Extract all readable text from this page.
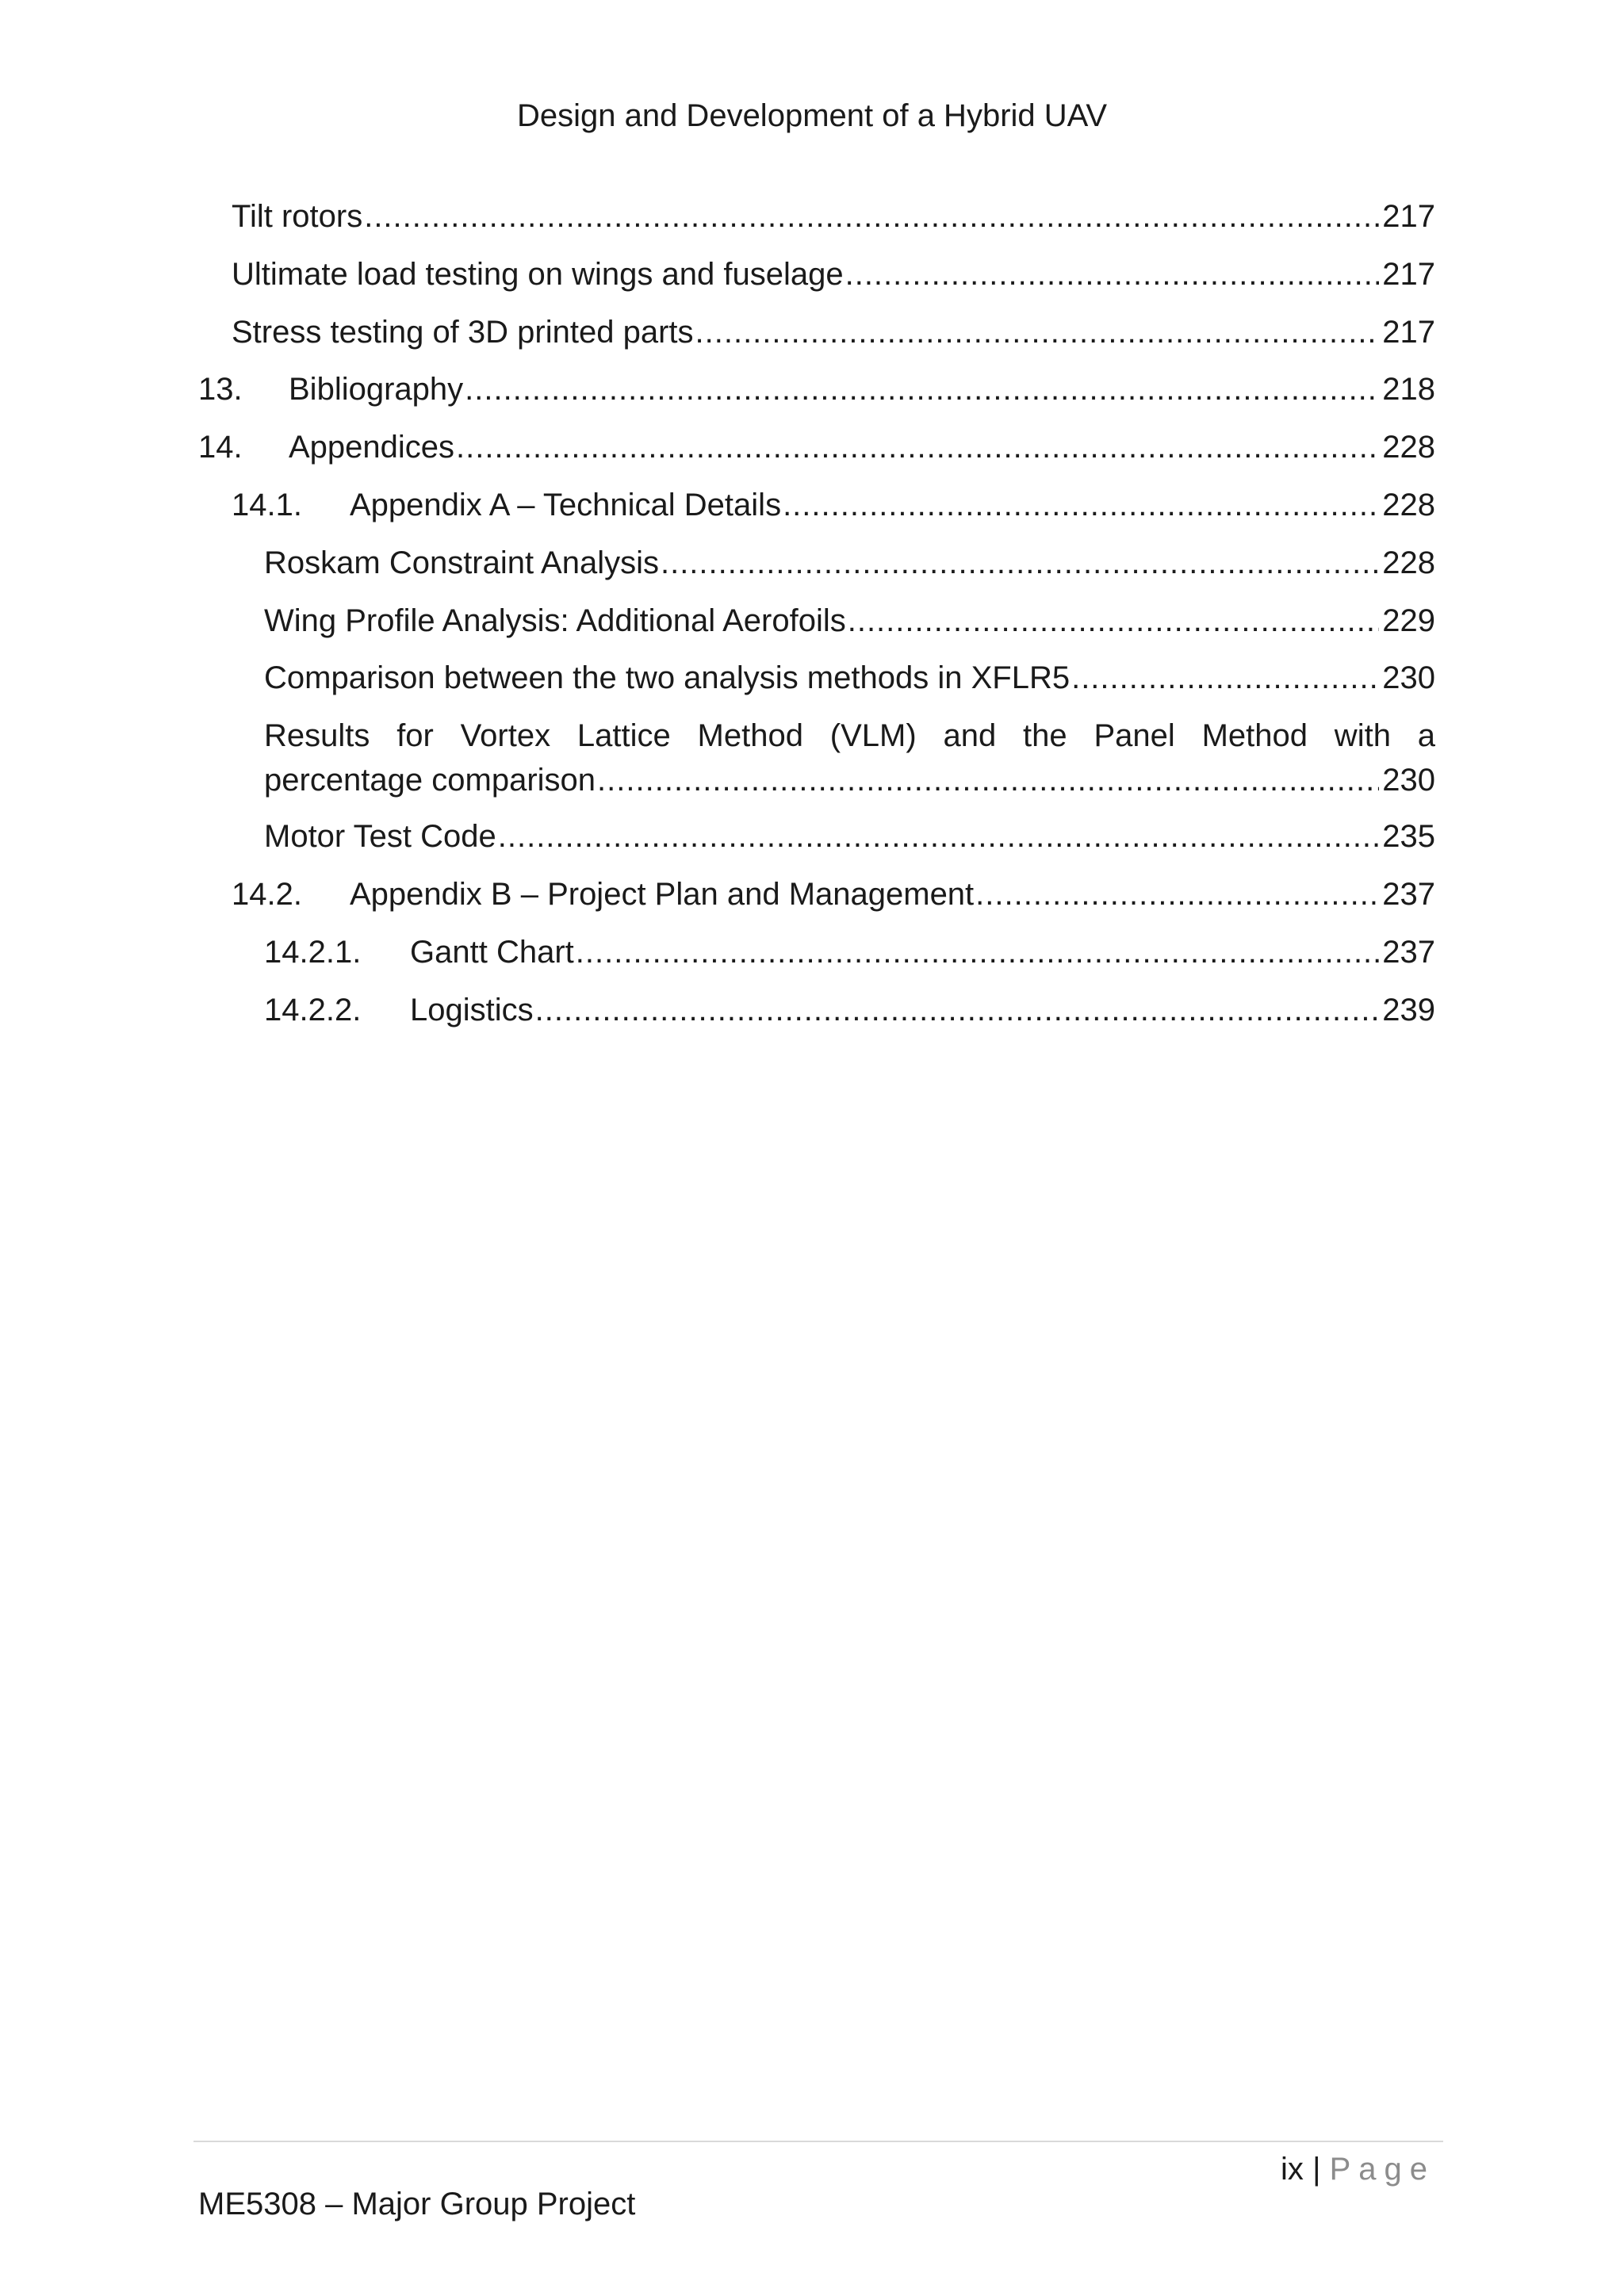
Design and Development of a Hybrid UAV
Tilt rotors .....	217
Ultimate load testing on wings and fuselage .....	217
Stress testing of 3D printed parts .....	217
13.	Bibliography .....	218
14.	Appendices .....	228
14.1.	Appendix A – Technical Details .....	228
Roskam Constraint Analysis .....	228
Wing Profile Analysis: Additional Aerofoils .....	229
Comparison between the two analysis methods in XFLR5 .....	230
Results for Vortex Lattice Method (VLM) and the Panel Method with a
percentage comparison .....	230
Motor Test Code .....	235
14.2.	Appendix B – Project Plan and Management .....	237
14.2.1.	Gantt Chart .....	237
14.2.2.	Logistics .....	239
ix | Page
ME5308 – Major Group Project
